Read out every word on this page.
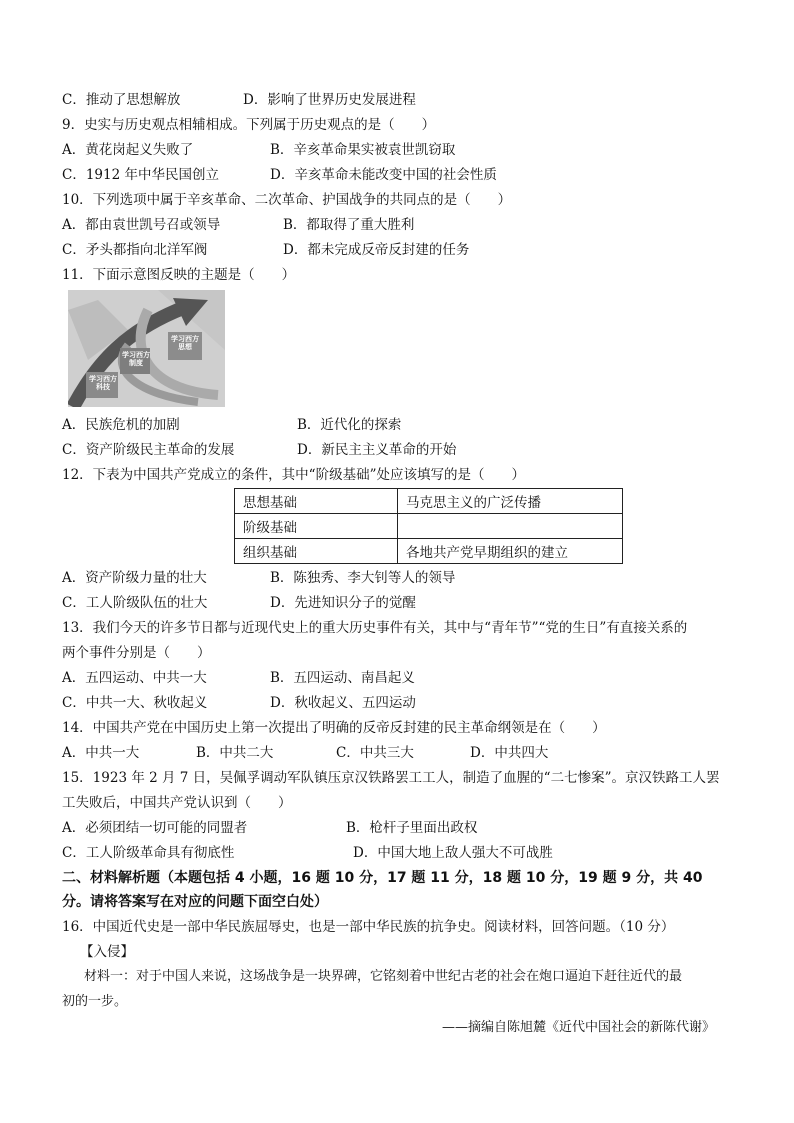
C．推动了思想解放	D．影响了世界历史发展进程
9．史实与历史观点相辅相成。下列属于历史观点的是（　　）
A．黄花岗起义失败了	B．辛亥革命果实被袁世凯窃取
C．1912 年中华民国创立	D．辛亥革命未能改变中国的社会性质
10．下列选项中属于辛亥革命、二次革命、护国战争的共同点的是（　　）
A．都由袁世凯号召或领导	B．都取得了重大胜利
C．矛头都指向北洋军阀	D．都未完成反帝反封建的任务
11．下面示意图反映的主题是（　　）
学习西方科技
学习西方制度
学习西方思想
A．民族危机的加剧	B．近代化的探索
C．资产阶级民主革命的发展	D．新民主主义革命的开始
12．下表为中国共产党成立的条件，其中“阶级基础”处应该填写的是（　　）
思想基础	马克思主义的广泛传播
阶级基础	
组织基础	各地共产党早期组织的建立
A．资产阶级力量的壮大	B．陈独秀、李大钊等人的领导
C．工人阶级队伍的壮大	D．先进知识分子的觉醒
13．我们今天的许多节日都与近现代史上的重大历史事件有关，其中与“青年节”“党的生日”有直接关系的
两个事件分别是（　　）
A．五四运动、中共一大	B．五四运动、南昌起义
C．中共一大、秋收起义	D．秋收起义、五四运动
14．中国共产党在中国历史上第一次提出了明确的反帝反封建的民主革命纲领是在（　　）
A．中共一大	B．中共二大	C．中共三大	D．中共四大
15．1923 年 2 月 7 日，吴佩孚调动军队镇压京汉铁路罢工工人，制造了血腥的“二七惨案”。京汉铁路工人罢
工失败后，中国共产党认识到（　　）
A．必须团结一切可能的同盟者	B．枪杆子里面出政权
C．工人阶级革命具有彻底性	D．中国大地上敌人强大不可战胜
二、材料解析题（本题包括 4 小题，16 题 10 分，17 题 11 分，18 题 10 分，19 题 9 分，共 40
分。请将答案写在对应的问题下面空白处）
16．中国近代史是一部中华民族屈辱史，也是一部中华民族的抗争史。阅读材料，回答问题。（10 分）
【入侵】
材料一：对于中国人来说，这场战争是一块界碑，它铭刻着中世纪古老的社会在炮口逼迫下赶往近代的最
初的一步。
——摘编自陈旭麓《近代中国社会的新陈代谢》
